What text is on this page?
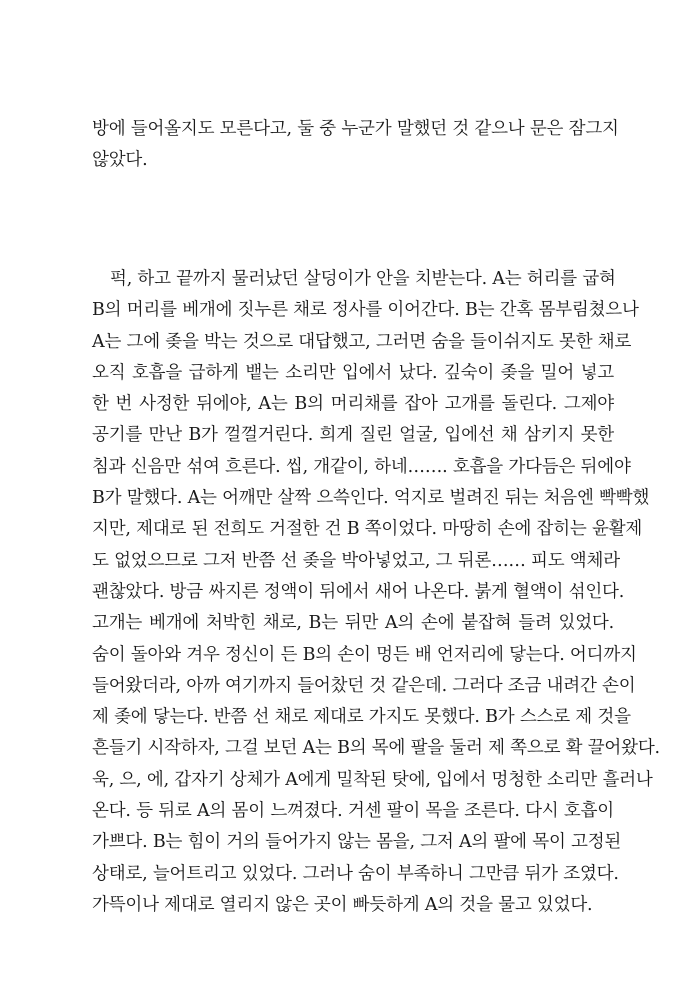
방에 들어올지도 모른다고, 둘 중 누군가 말했던 것 같으나 문은 잠그지
않았다.
퍽, 하고 끝까지 물러났던 살덩이가 안을 치받는다. A는 허리를 굽혀
B의 머리를 베개에 짓누른 채로 정사를 이어간다. B는 간혹 몸부림쳤으나
A는 그에 좆을 박는 것으로 대답했고, 그러면 숨을 들이쉬지도 못한 채로
오직 호흡을 급하게 뱉는 소리만 입에서 났다. 깊숙이 좆을 밀어 넣고
한 번 사정한 뒤에야, A는 B의 머리채를 잡아 고개를 돌린다. 그제야
공기를 만난 B가 껄껄거린다. 희게 질린 얼굴, 입에선 채 삼키지 못한
침과 신음만 섞여 흐른다. 씹, 개같이, 하네……. 호흡을 가다듬은 뒤에야
B가 말했다. A는 어깨만 살짝 으쓱인다. 억지로 벌려진 뒤는 처음엔 빡빡했
지만, 제대로 된 전희도 거절한 건 B 쪽이었다. 마땅히 손에 잡히는 윤활제
도 없었으므로 그저 반쯤 선 좆을 박아넣었고, 그 뒤론…… 피도 액체라
괜찮았다. 방금 싸지른 정액이 뒤에서 새어 나온다. 붉게 혈액이 섞인다.
고개는 베개에 처박힌 채로, B는 뒤만 A의 손에 붙잡혀 들려 있었다.
숨이 돌아와 겨우 정신이 든 B의 손이 멍든 배 언저리에 닿는다. 어디까지
들어왔더라, 아까 여기까지 들어찼던 것 같은데. 그러다 조금 내려간 손이
제 좆에 닿는다. 반쯤 선 채로 제대로 가지도 못했다. B가 스스로 제 것을
흔들기 시작하자, 그걸 보던 A는 B의 목에 팔을 둘러 제 쪽으로 확 끌어왔다.
욱, 으, 에, 갑자기 상체가 A에게 밀착된 탓에, 입에서 멍청한 소리만 흘러나
온다. 등 뒤로 A의 몸이 느껴졌다. 거센 팔이 목을 조른다. 다시 호흡이
가쁘다. B는 힘이 거의 들어가지 않는 몸을, 그저 A의 팔에 목이 고정된
상태로, 늘어트리고 있었다. 그러나 숨이 부족하니 그만큼 뒤가 조였다.
가뜩이나 제대로 열리지 않은 곳이 빠듯하게 A의 것을 물고 있었다.
